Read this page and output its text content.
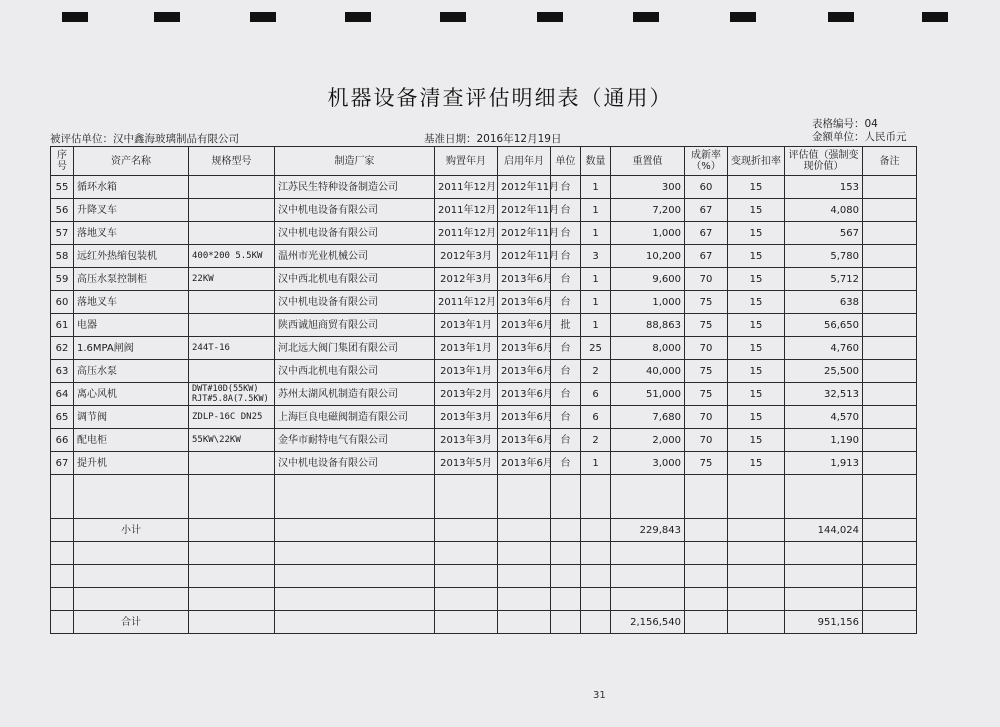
机器设备清查评估明细表（通用）
表格编号：04
被评估单位：汉中鑫海玻璃制品有限公司	基准日期：2016年12月19日	金额单位：人民币元
序号	资产名称	规格型号	制造厂家	购置年月	启用年月	单位	数量	重置值	成新率（%）	变现折扣率	评估值（强制变现价值）	备注
55	循环水箱		江苏民生特种设备制造公司	2011年12月	2012年11月	台	1	300	60	15	153	
56	升降叉车		汉中机电设备有限公司	2011年12月	2012年11月	台	1	7,200	67	15	4,080	
57	落地叉车		汉中机电设备有限公司	2011年12月	2012年11月	台	1	1,000	67	15	567	
58	远红外热缩包装机	400*200 5.5KW	温州市光业机械公司	2012年3月	2012年11月	台	3	10,200	67	15	5,780	
59	高压水泵控制柜	22KW	汉中西北机电有限公司	2012年3月	2013年6月	台	1	9,600	70	15	5,712	
60	落地叉车		汉中机电设备有限公司	2011年12月	2013年6月	台	1	1,000	75	15	638	
61	电器		陕西诚旭商贸有限公司	2013年1月	2013年6月	批	1	88,863	75	15	56,650	
62	1.6MPA闸阀	244T-16	河北远大阀门集团有限公司	2013年1月	2013年6月	台	25	8,000	70	15	4,760	
63	高压水泵		汉中西北机电有限公司	2013年1月	2013年6月	台	2	40,000	75	15	25,500	
64	离心风机	DWT#10D(55KW)
RJT#5.8A(7.5KW)	苏州太湖风机制造有限公司	2013年2月	2013年6月	台	6	51,000	75	15	32,513	
65	调节阀	ZDLP-16C DN25	上海巨良电磁阀制造有限公司	2013年3月	2013年6月	台	6	7,680	70	15	4,570	
66	配电柜	55KW\22KW	金华市耐特电气有限公司	2013年3月	2013年6月	台	2	2,000	70	15	1,190	
67	提升机		汉中机电设备有限公司	2013年5月	2013年6月	台	1	3,000	75	15	1,913	

	小计							229,843			144,024	

	合计							2,156,540			951,156	
31
